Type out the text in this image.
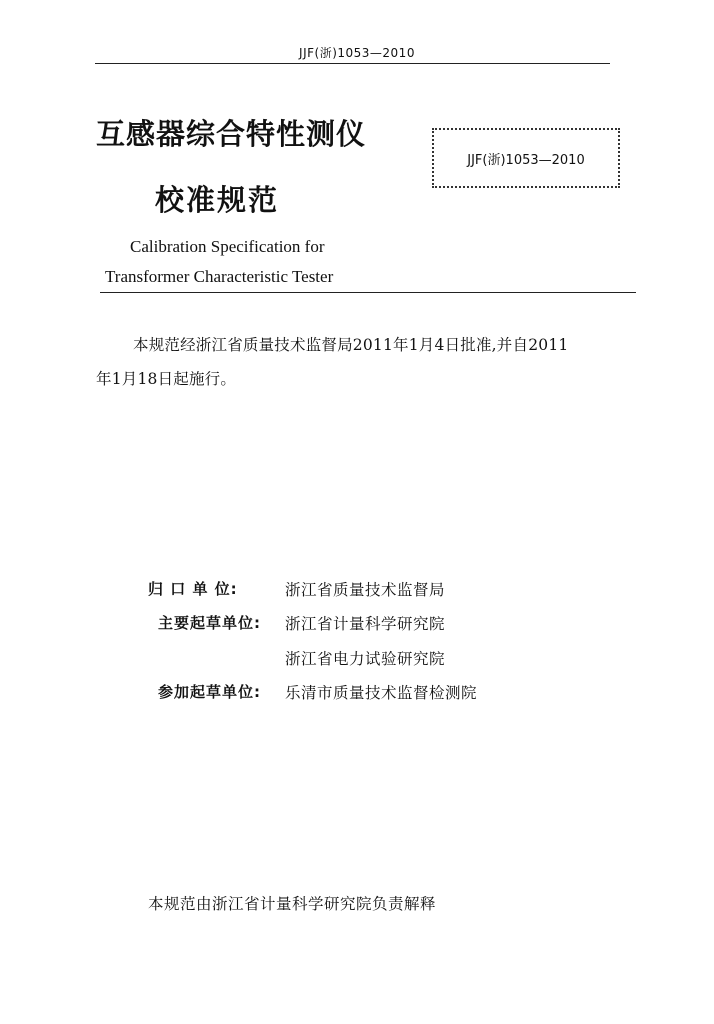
JJF(浙)1053—2010
互感器综合特性测仪
校准规范
JJF(浙)1053—2010
Calibration Specification for
Transformer Characteristic Tester
本规范经浙江省质量技术监督局2011年1月4日批准,并自2011
年1月18日起施行。
归 口 单 位:	浙江省质量技术监督局
主要起草单位: 浙江省计量科学研究院
浙江省电力试验研究院
参加起草单位: 乐清市质量技术监督检测院
本规范由浙江省计量科学研究院负责解释
